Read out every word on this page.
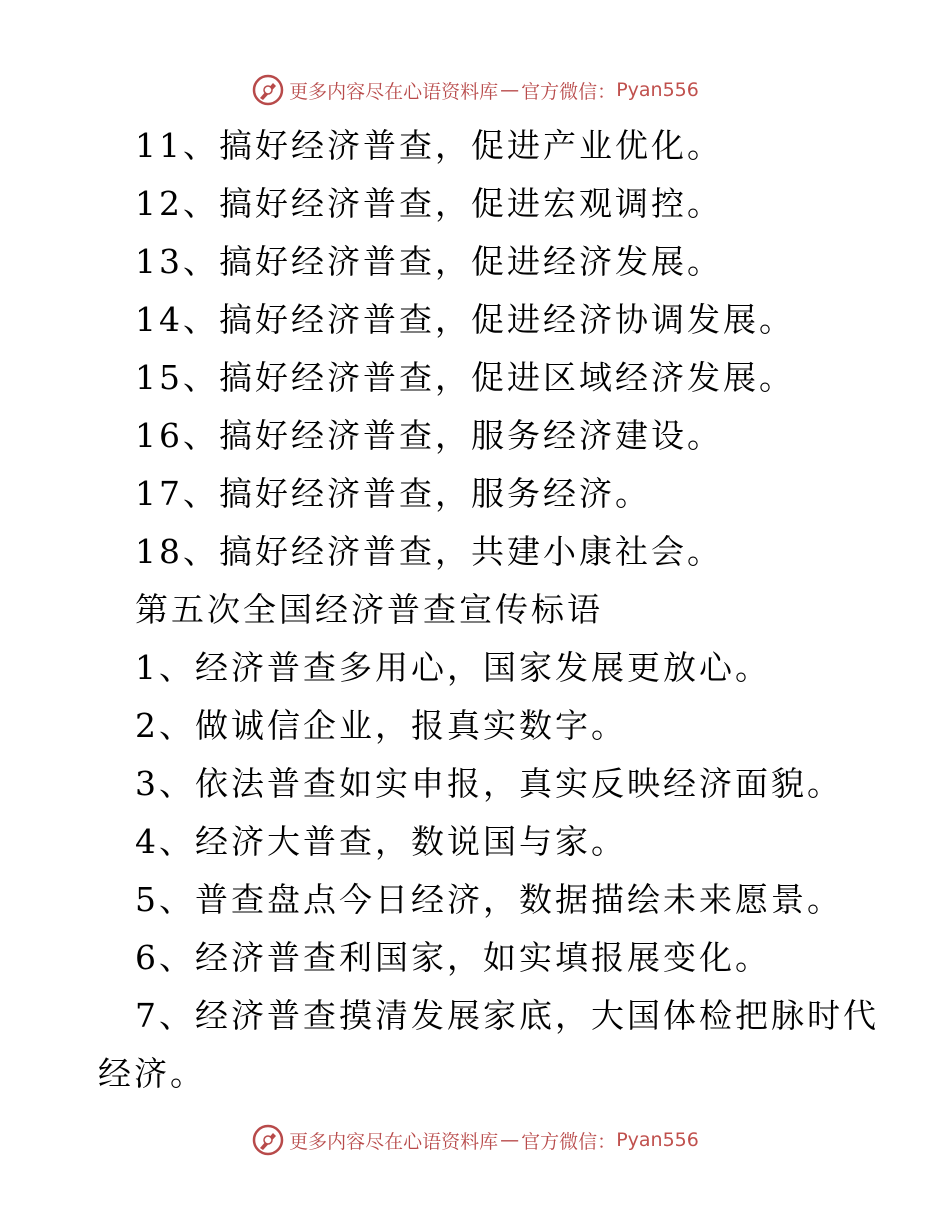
更多内容尽在心语资料库 — 官方微信： Pyan556
11、搞好经济普查，促进产业优化。
12、搞好经济普查，促进宏观调控。
13、搞好经济普查，促进经济发展。
14、搞好经济普查，促进经济协调发展。
15、搞好经济普查，促进区域经济发展。
16、搞好经济普查，服务经济建设。
17、搞好经济普查，服务经济。
18、搞好经济普查，共建小康社会。
第五次全国经济普查宣传标语
1、经济普查多用心，国家发展更放心。
2、做诚信企业，报真实数字。
3、依法普查如实申报，真实反映经济面貌。
4、经济大普查，数说国与家。
5、普查盘点今日经济，数据描绘未来愿景。
6、经济普查利国家，如实填报展变化。
7、经济普查摸清发展家底，大国体检把脉时代
经济。
更多内容尽在心语资料库 — 官方微信： Pyan556
